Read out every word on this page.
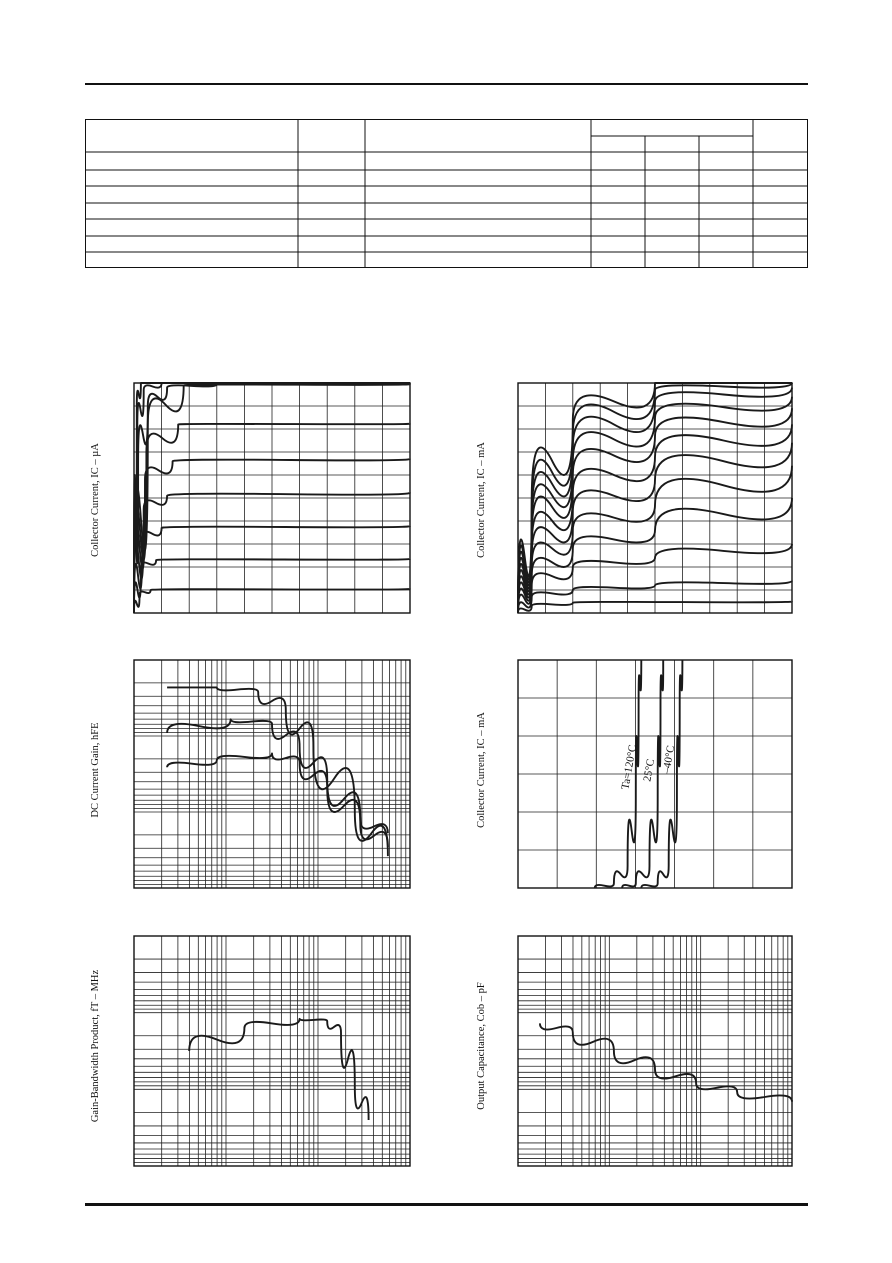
Collector Current, IC – µA	Collector Current, IC – mA
DC Current Gain, hFE	Collector Current, IC – mA	Ta=120°C 25°C –40°C
Gain-Bandwidth Product, fT – MHz	Output Capacitance, Cob – pF
